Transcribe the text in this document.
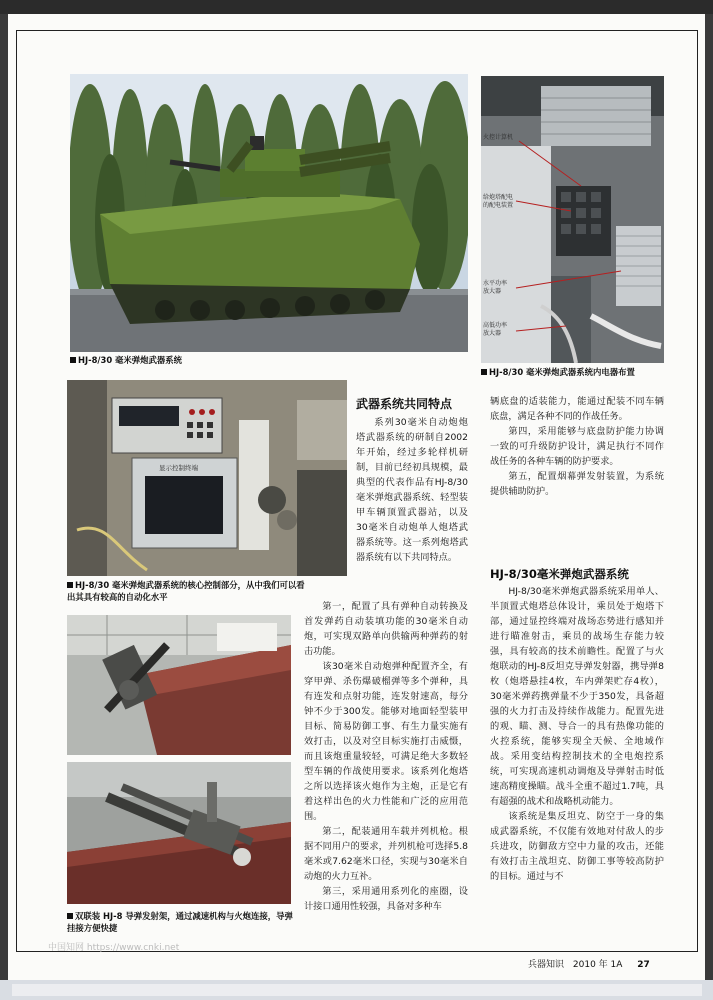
HJ-8/30 毫米弹炮武器系统
火控计算机
给炮塔配电
的配电装置
水平功率
放大器
高低功率
放大器
HJ-8/30 毫米弹炮武器系统内电器布置
显示控制终端
HJ-8/30 毫米弹炮武器系统的核心控制部分，从中我们可以看出其具有较高的自动化水平
双联装 HJ-8 导弹发射架，通过减速机构与火炮连接，导弹挂接方便快捷
武器系统共同特点

系列30毫米自动炮炮塔武器系统的研制自2002年开始，经过多轮样机研制，目前已经初具规模，最典型的代表作品有HJ-8/30毫米弹炮武器系统、轻型装甲车辆顶置武器站，以及30毫米自动炮单人炮塔武器系统等。这一系列炮塔武器系统有以下共同特点。

第一，配置了具有弹种自动转换及首发弹药自动装填功能的30毫米自动炮，可实现双路单向供输两种弹药的射击功能。

该30毫米自动炮弹种配置齐全，有穿甲弹、杀伤爆破榴弹等多个弹种，具有连发和点射功能，连发射速高，每分钟不少于300发。能够对地面轻型装甲目标、简易防御工事、有生力量实施有效打击，以及对空目标实施打击威慑，而且该炮重量较轻，可满足绝大多数轻型车辆的作战使用要求。该系列化炮塔之所以选择该火炮作为主炮，正是它有着这样出色的火力性能和广泛的应用范围。

第二，配装通用车载并列机枪。根据不同用户的要求，并列机枪可选择5.8毫米或7.62毫米口径，实现与30毫米自动炮的火力互补。

第三，采用通用系列化的座圈，设计接口通用性较强，具备对多种车

辆底盘的适装能力，能通过配装不同车辆底盘，满足各种不同的作战任务。

第四，采用能够与底盘防护能力协调一致的可升级防护设计，满足执行不同作战任务的各种车辆的防护要求。

第五，配置烟幕弹发射装置，为系统提供辅助防护。

HJ-8/30毫米弹炮武器系统

HJ-8/30毫米弹炮武器系统采用单人、半顶置式炮塔总体设计，乘员处于炮塔下部，通过显控终端对战场态势进行感知并进行瞄准射击，乘员的战场生存能力较强，具有较高的技术前瞻性。配置了与火炮联动的HJ-8反坦克导弹发射器，携导弹8枚（炮塔悬挂4枚，车内弹架贮存4枚），30毫米弹药携弹量不少于350发，具备超强的火力打击及持续作战能力。配置先进的观、瞄、测、导合一的具有热像功能的火控系统，能够实现全天候、全地域作战。采用变结构控制技术的全电炮控系统，可实现高速机动调炮及导弹射击时低速高精度操瞄。战斗全重不超过1.7吨，具有超强的战术和战略机动能力。

该系统是集反坦克、防空于一身的集成武器系统，不仅能有效地对付敌人的步兵进攻，防御敌方空中力量的攻击，还能有效打击主战坦克、防御工事等较高防护的目标。通过与不

中国知网 https://www.cnki.net
兵器知识 2010 年 1A 27
